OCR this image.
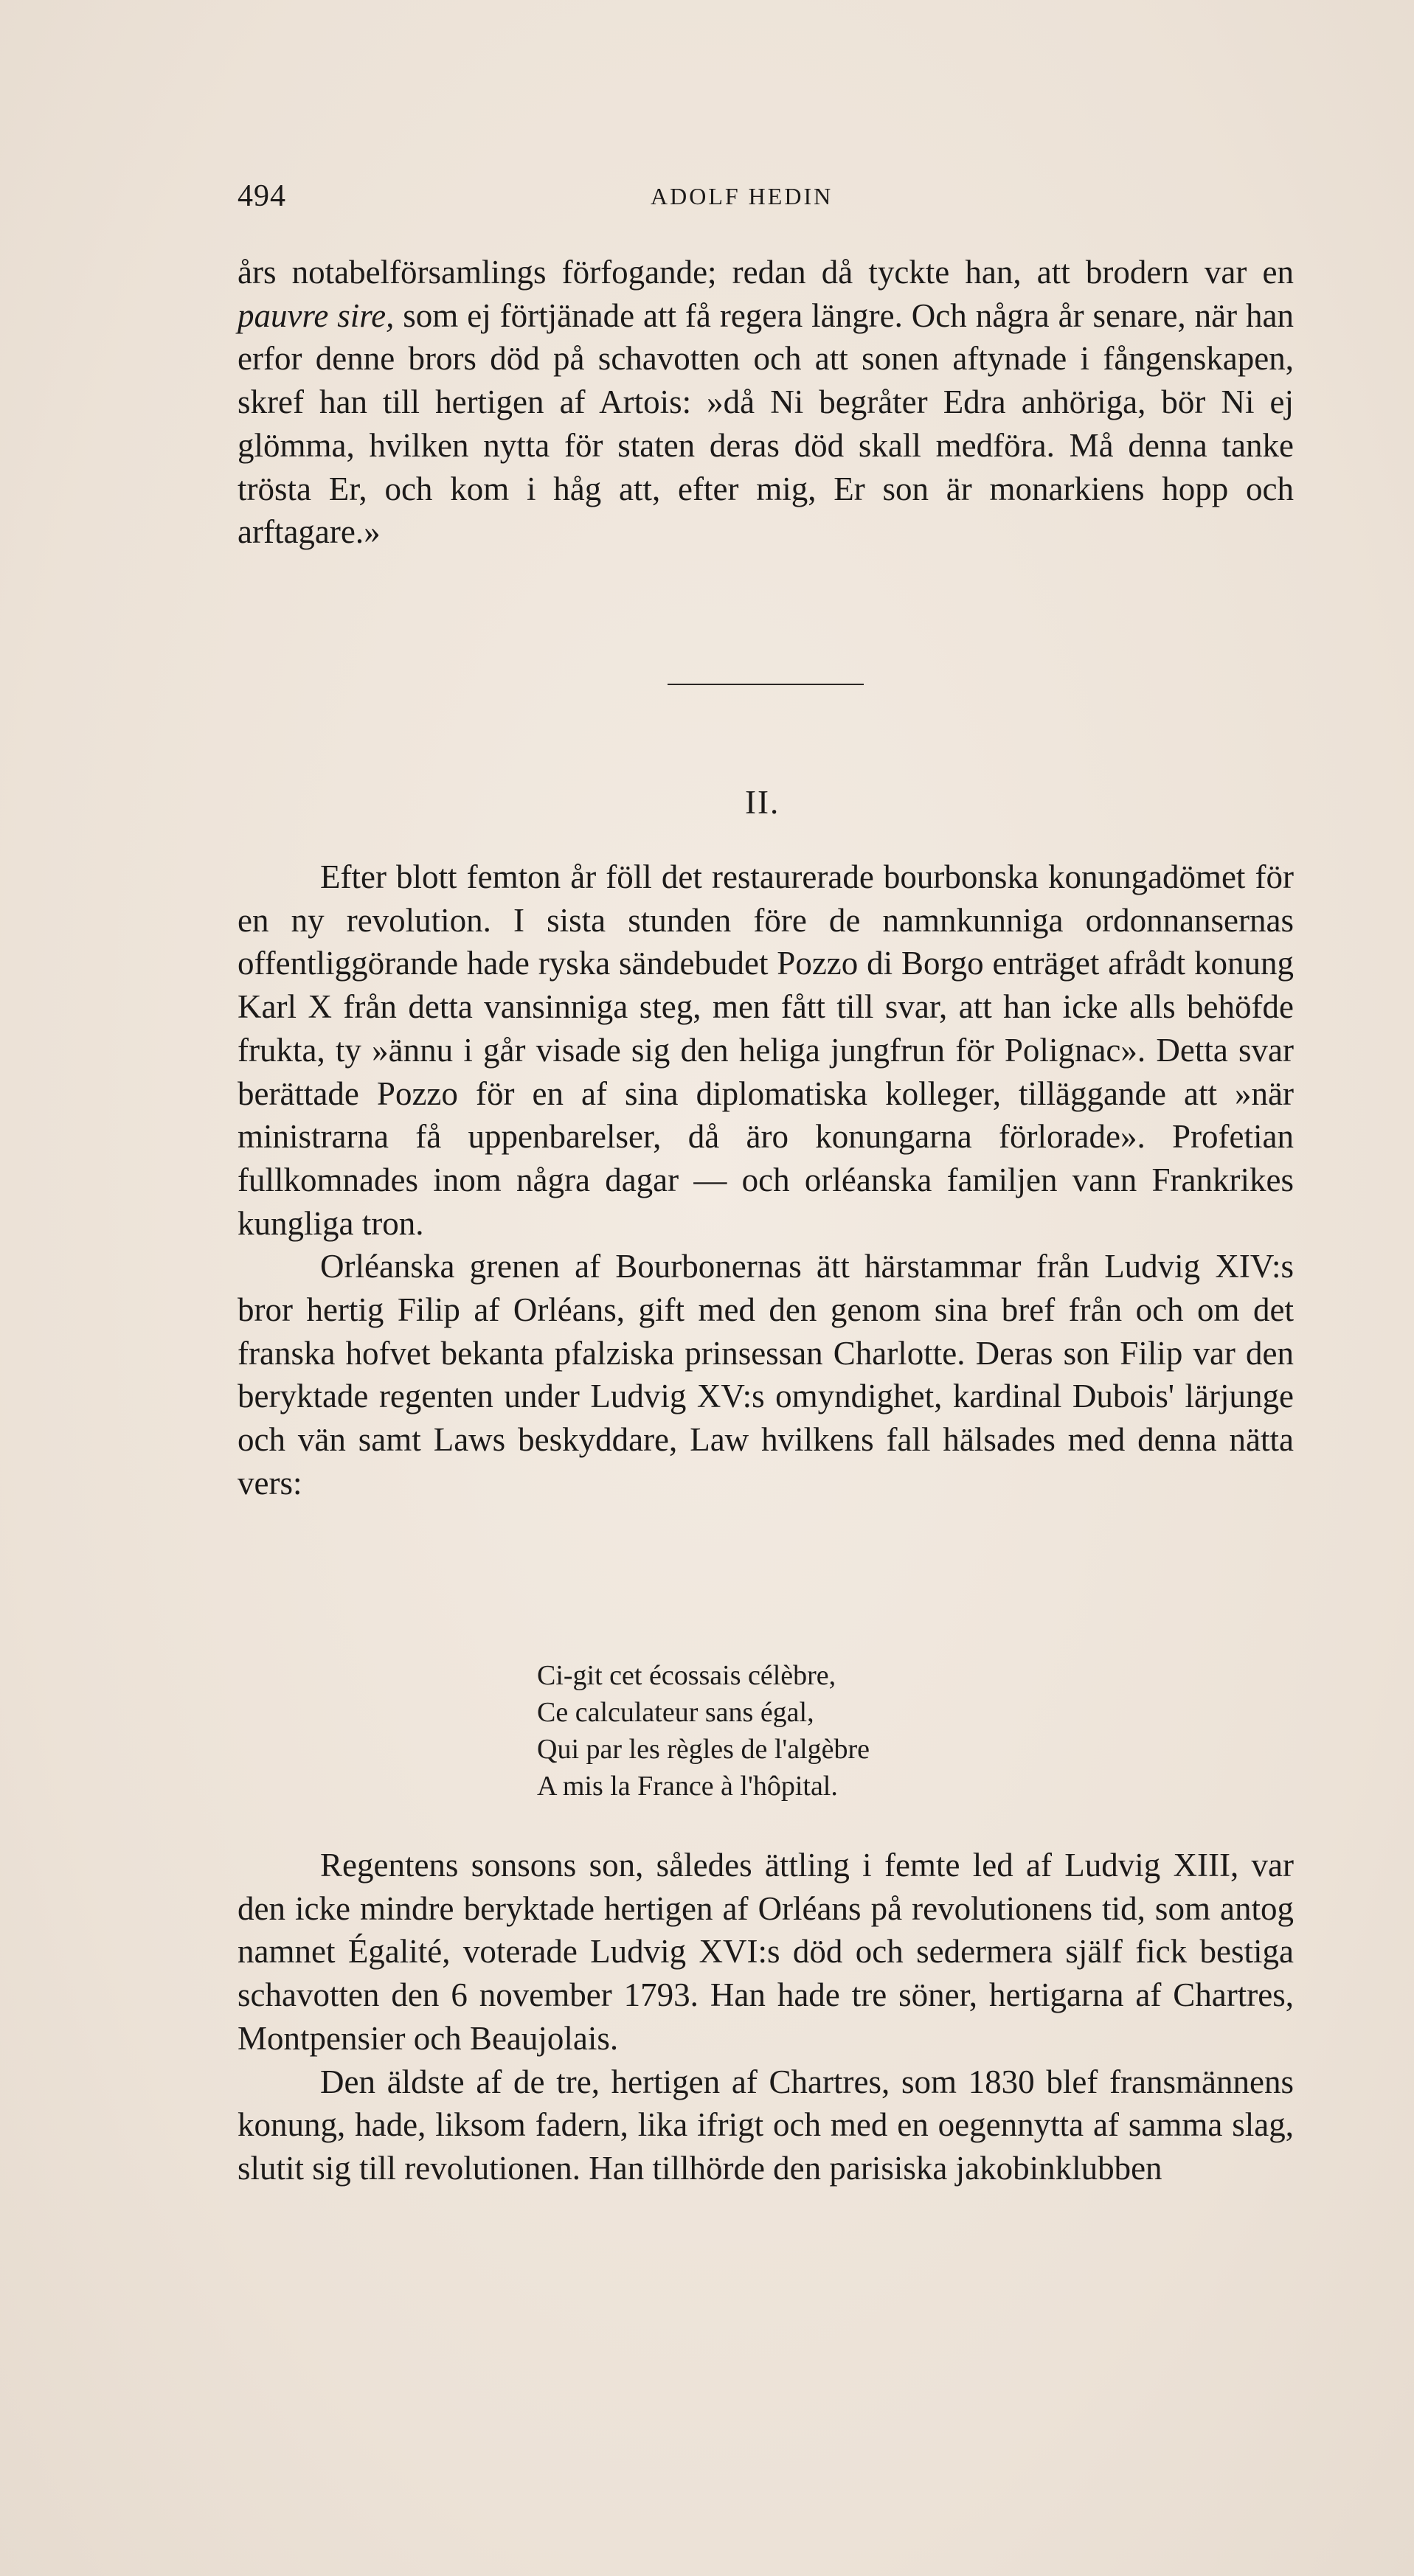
494	ADOLF HEDIN

års notabelförsamlings förfogande; redan då tyckte han, att brodern var en pauvre sire, som ej förtjänade att få regera längre. Och några år senare, när han erfor denne brors död på schavotten och att sonen aftynade i fångenskapen, skref han till hertigen af Artois: »då Ni begråter Edra anhöriga, bör Ni ej glömma, hvilken nytta för staten deras död skall medföra. Må denna tanke trösta Er, och kom i håg att, efter mig, Er son är monarkiens hopp och arftagare.»

II.

Efter blott femton år föll det restaurerade bourbonska konungadömet för en ny revolution. I sista stunden före de namnkunniga ordonnansernas offentliggörande hade ryska sändebudet Pozzo di Borgo enträget afrådt konung Karl X från detta vansinniga steg, men fått till svar, att han icke alls behöfde frukta, ty »ännu i går visade sig den heliga jungfrun för Polignac». Detta svar berättade Pozzo för en af sina diplomatiska kolleger, tilläggande att »när ministrarna få uppenbarelser, då äro konungarna förlorade». Profetian fullkomnades inom några dagar — och orléanska familjen vann Frankrikes kungliga tron.

Orléanska grenen af Bourbonernas ätt härstammar från Ludvig XIV:s bror hertig Filip af Orléans, gift med den genom sina bref från och om det franska hofvet bekanta pfalziska prinsessan Charlotte. Deras son Filip var den beryktade regenten under Ludvig XV:s omyndighet, kardinal Dubois' lärjunge och vän samt Laws beskyddare, Law hvilkens fall hälsades med denna nätta vers:

Ci-git cet écossais célèbre,
Ce calculateur sans égal,
Qui par les règles de l'algèbre
A mis la France à l'hôpital.

Regentens sonsons son, således ättling i femte led af Ludvig XIII, var den icke mindre beryktade hertigen af Orléans på revolutionens tid, som antog namnet Égalité, voterade Ludvig XVI:s död och sedermera själf fick bestiga schavotten den 6 november 1793. Han hade tre söner, hertigarna af Chartres, Montpensier och Beaujolais.

Den äldste af de tre, hertigen af Chartres, som 1830 blef fransmännens konung, hade, liksom fadern, lika ifrigt och med en oegennytta af samma slag, slutit sig till revolutionen. Han tillhörde den parisiska jakobinklubben
